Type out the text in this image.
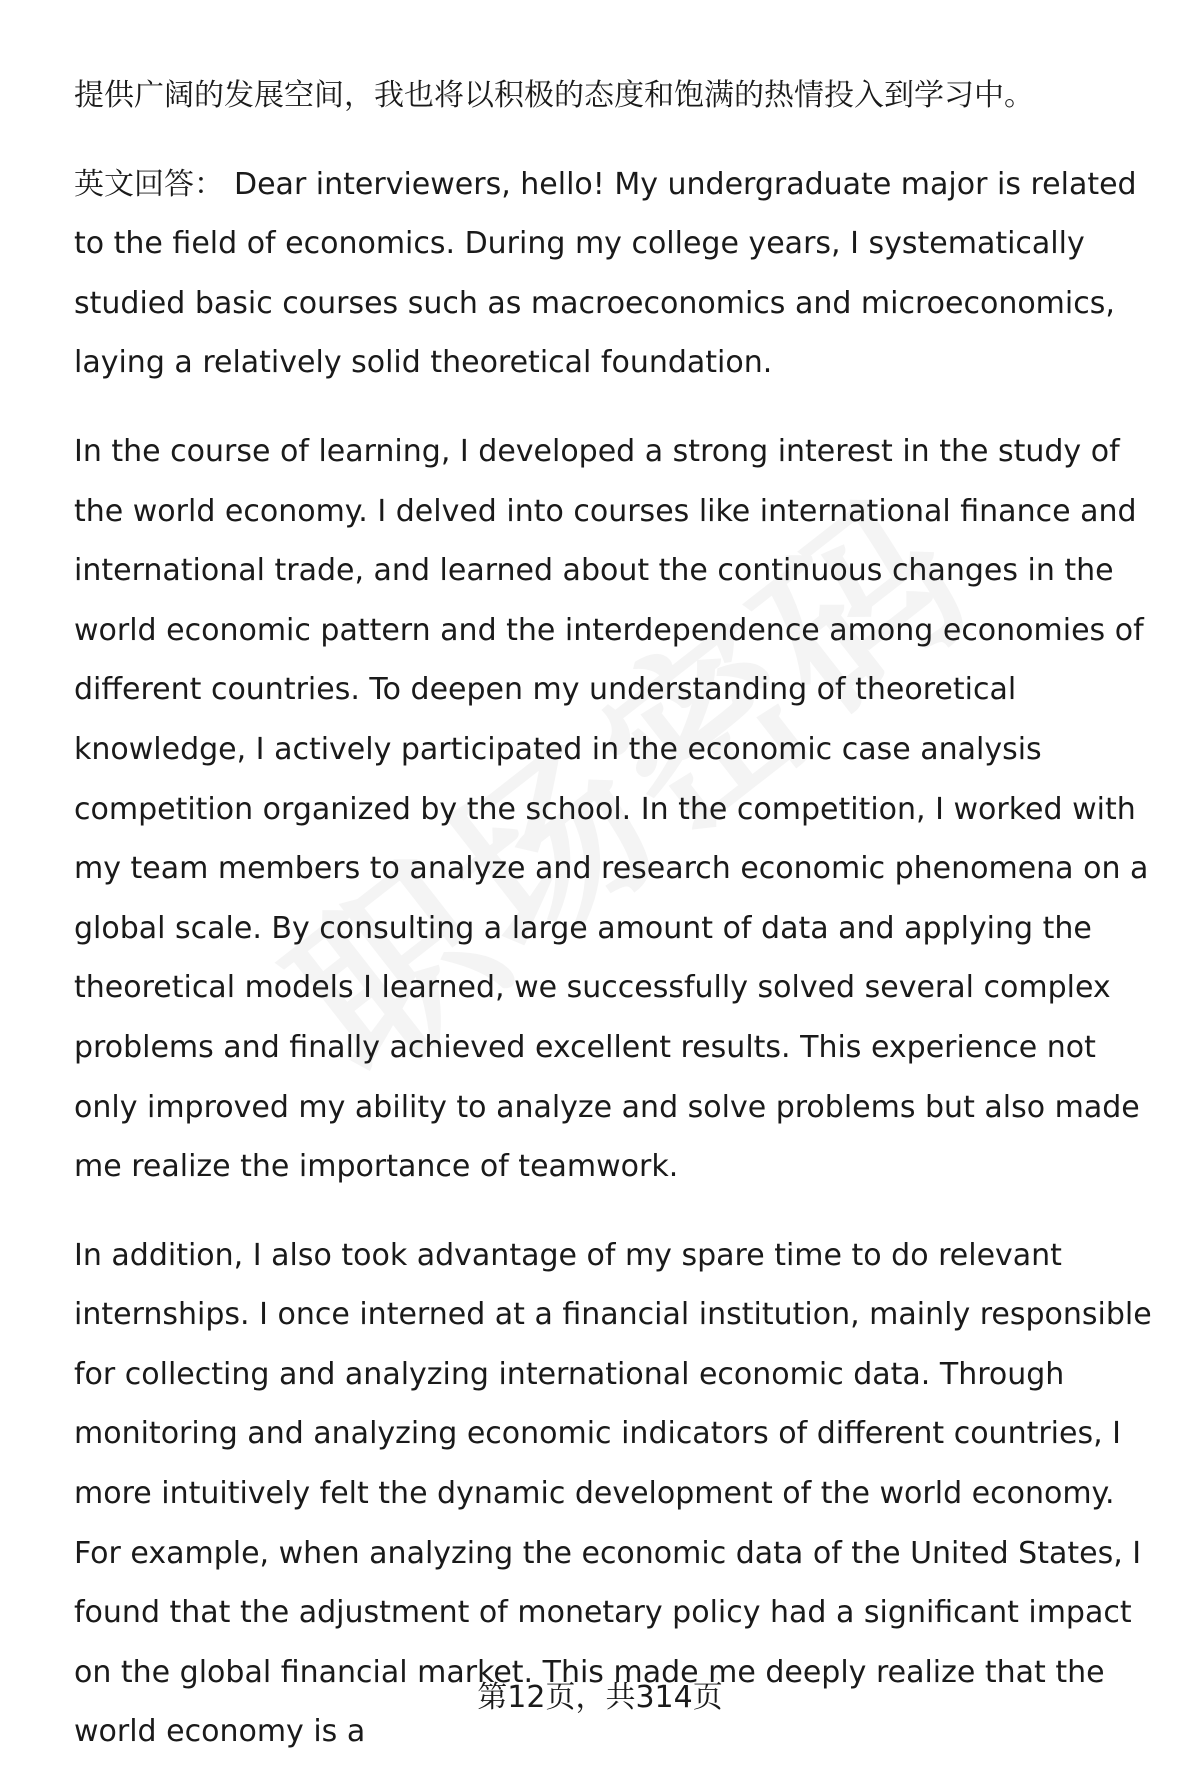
提供广阔的发展空间，我也将以积极的态度和饱满的热情投入到学习中。

英文回答： Dear interviewers, hello! My undergraduate major is related to the field of economics. During my college years, I systematically studied basic courses such as macroeconomics and microeconomics, laying a relatively solid theoretical foundation.

In the course of learning, I developed a strong interest in the study of the world economy. I delved into courses like international finance and international trade, and learned about the continuous changes in the world economic pattern and the interdependence among economies of different countries. To deepen my understanding of theoretical knowledge, I actively participated in the economic case analysis competition organized by the school. In the competition, I worked with my team members to analyze and research economic phenomena on a global scale. By consulting a large amount of data and applying the theoretical models I learned, we successfully solved several complex problems and finally achieved excellent results. This experience not only improved my ability to analyze and solve problems but also made me realize the importance of teamwork.

In addition, I also took advantage of my spare time to do relevant internships. I once interned at a financial institution, mainly responsible for collecting and analyzing international economic data. Through monitoring and analyzing economic indicators of different countries, I more intuitively felt the dynamic development of the world economy. For example, when analyzing the economic data of the United States, I found that the adjustment of monetary policy had a significant impact on the global financial market. This made me deeply realize that the world economy is a

第12页，共314页
